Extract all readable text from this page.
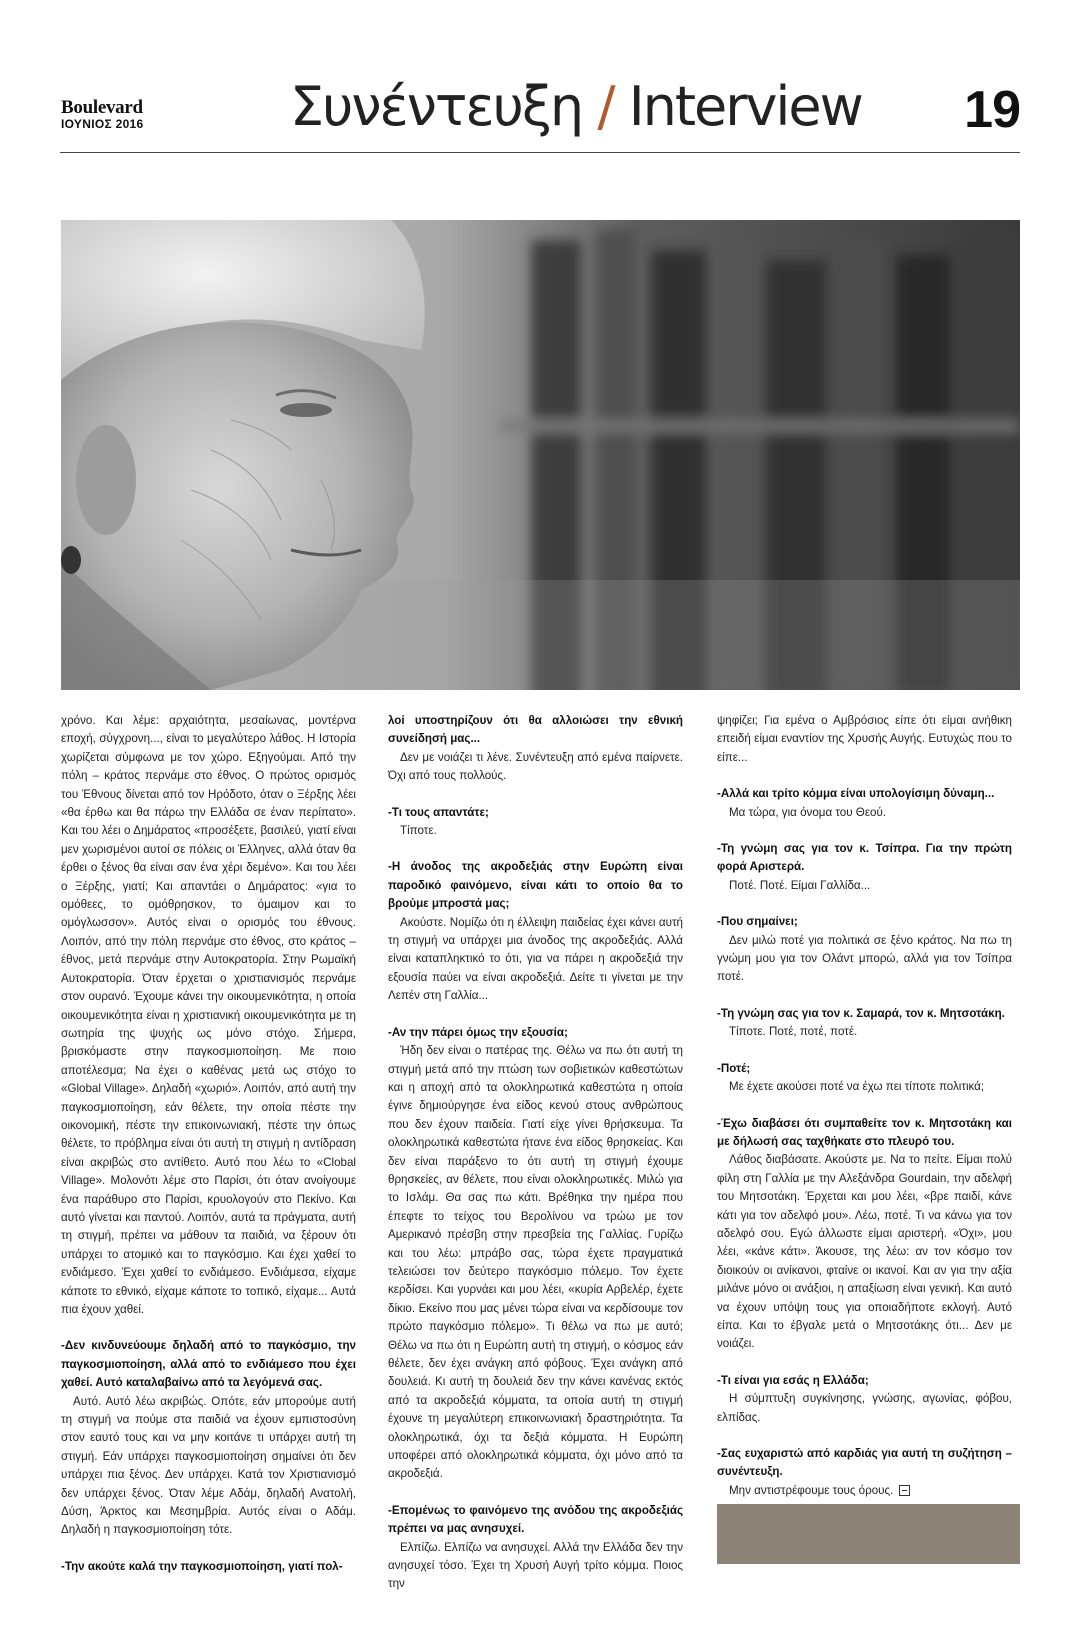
Boulevard
ΙΟΥΝΙΟΣ 2016	Συνέντευξη / Interview 19

χρόνο. Και λέμε: αρχαιότητα, μεσαίωνας, μοντέρνα εποχή, σύγχρονη..., είναι το μεγαλύτερο λάθος. Η Ιστορία χωρίζεται σύμφωνα με τον χώρο. Εξηγούμαι. Από την πόλη – κράτος περνάμε στο έθνος. Ο πρώτος ορισμός του Έθνους δίνεται από τον Ηρόδοτο, όταν ο Ξέρξης λέει «θα έρθω και θα πάρω την Ελλάδα σε έναν περίπατο». Και του λέει ο Δημάρατος «προσέξετε, βασιλεύ, γιατί είναι μεν χωρισμένοι αυτοί σε πόλεις οι Έλληνες, αλλά όταν θα έρθει ο ξένος θα είναι σαν ένα χέρι δεμένο». Και του λέει ο Ξέρξης, γιατί; Και απαντάει ο Δημάρατος: «για το ομόθεες, το ομόθρησκον, το όμαιμον και το ομόγλωσσον». Αυτός είναι ο ορισμός του έθνους. Λοιπόν, από την πόλη περνάμε στο έθνος, στο κράτος – έθνος, μετά περνάμε στην Αυτοκρατορία. Στην Ρωμαϊκή Αυτοκρατορία. Όταν έρχεται ο χριστιανισμός περνάμε στον ουρανό. Έχουμε κάνει την οικουμενικότητα, η οποία οικουμενικότητα είναι η χριστιανική οικουμενικότητα με τη σωτηρία της ψυχής ως μόνο στόχο. Σήμερα, βρισκόμαστε στην παγκοσμιοποίηση. Με ποιο αποτέλεσμα; Να έχει ο καθένας μετά ως στόχο το «Global Village». Δηλαδή «χωριό». Λοιπόν, από αυτή την παγκοσμιοποίηση, εάν θέλετε, την οποία πέστε την οικονομική, πέστε την επικοινωνιακή, πέστε την όπως θέλετε, το πρόβλημα είναι ότι αυτή τη στιγμή η αντίδραση είναι ακριβώς στο αντίθετο. Αυτό που λέω το «Clobal Village». Μολονότι λέμε στο Παρίσι, ότι όταν ανοίγουμε ένα παράθυρο στο Παρίσι, κρυολογούν στο Πεκίνο. Και αυτό γίνεται και παντού. Λοιπόν, αυτά τα πράγματα, αυτή τη στιγμή, πρέπει να μάθουν τα παιδιά, να ξέρουν ότι υπάρχει το ατομικό και το παγκόσμιο. Και έχει χαθεί το ενδιάμεσο. Έχει χαθεί το ενδιάμεσο. Ενδιάμεσα, είχαμε κάποτε το εθνικό, είχαμε κάποτε το τοπικό, είχαμε... Αυτά πια έχουν χαθεί.

-Δεν κινδυνεύουμε δηλαδή από το παγκόσμιο, την παγκοσμιοποίηση, αλλά από το ενδιάμεσο που έχει χαθεί. Αυτό καταλαβαίνω από τα λεγόμενά σας.

Αυτό. Αυτό λέω ακριβώς. Οπότε, εάν μπορούμε αυτή τη στιγμή να πούμε στα παιδιά να έχουν εμπιστοσύνη στον εαυτό τους και να μην κοιτάνε τι υπάρχει αυτή τη στιγμή. Εάν υπάρχει παγκοσμιοποίηση σημαίνει ότι δεν υπάρχει πια ξένος. Δεν υπάρχει. Κατά τον Χριστιανισμό δεν υπάρχει ξένος. Όταν λέμε Αδάμ, δηλαδή Ανατολή, Δύση, Άρκτος και Μεσημβρία. Αυτός είναι ο Αδάμ. Δηλαδή η παγκοσμιοποίηση τότε.

-Την ακούτε καλά την παγκοσμιοποίηση, γιατί πολ-

λοί υποστηρίζουν ότι θα αλλοιώσει την εθνική συνείδησή μας...

Δεν με νοιάζει τι λένε. Συνέντευξη από εμένα παίρνετε. Όχι από τους πολλούς.

-Τι τους απαντάτε;

Τίποτε.

-Η άνοδος της ακροδεξιάς στην Ευρώπη είναι παροδικό φαινόμενο, είναι κάτι το οποίο θα το βρούμε μπροστά μας;

Ακούστε. Νομίζω ότι η έλλειψη παιδείας έχει κάνει αυτή τη στιγμή να υπάρχει μια άνοδος της ακροδεξιάς. Αλλά είναι καταπληκτικό το ότι, για να πάρει η ακροδεξιά την εξουσία παύει να είναι ακροδεξιά. Δείτε τι γίνεται με την Λεπέν στη Γαλλία...

-Αν την πάρει όμως την εξουσία;

Ήδη δεν είναι ο πατέρας της. Θέλω να πω ότι αυτή τη στιγμή μετά από την πτώση των σοβιετικών καθεστώτων και η αποχή από τα ολοκληρωτικά καθεστώτα η οποία έγινε δημιούργησε ένα είδος κενού στους ανθρώπους που δεν έχουν παιδεία. Γιατί είχε γίνει θρήσκευμα. Τα ολοκληρωτικά καθεστώτα ήτανε ένα είδος θρησκείας. Και δεν είναι παράξενο το ότι αυτή τη στιγμή έχουμε θρησκείες, αν θέλετε, που είναι ολοκληρωτικές. Μιλώ για το Ισλάμ. Θα σας πω κάτι. Βρέθηκα την ημέρα που έπεφτε το τείχος του Βερολίνου να τρώω με τον Αμερικανό πρέσβη στην πρεσβεία της Γαλλίας. Γυρίζω και του λέω: μπράβο σας, τώρα έχετε πραγματικά τελειώσει τον δεύτερο παγκόσμιο πόλεμο. Τον έχετε κερδίσει. Και γυρνάει και μου λέει, «κυρία Αρβελέρ, έχετε δίκιο. Εκείνο που μας μένει τώρα είναι να κερδίσουμε τον πρώτο παγκόσμιο πόλεμο». Τι θέλω να πω με αυτό; Θέλω να πω ότι η Ευρώπη αυτή τη στιγμή, ο κόσμος εάν θέλετε, δεν έχει ανάγκη από φόβους. Έχει ανάγκη από δουλειά. Κι αυτή τη δουλειά δεν την κάνει κανένας εκτός από τα ακροδεξιά κόμματα, τα οποία αυτή τη στιγμή έχουνε τη μεγαλύτερη επικοινωνιακή δραστηριότητα. Τα ολοκληρωτικά, όχι τα δεξιά κόμματα. Η Ευρώπη υποφέρει από ολοκληρωτικά κόμματα, όχι μόνο από τα ακροδεξιά.

-Επομένως το φαινόμενο της ανόδου της ακροδεξιάς πρέπει να μας ανησυχεί.

Ελπίζω. Ελπίζω να ανησυχεί. Αλλά την Ελλάδα δεν την ανησυχεί τόσο. Έχει τη Χρυσή Αυγή τρίτο κόμμα. Ποιος την

ψηφίζει; Για εμένα ο Αμβρόσιος είπε ότι είμαι ανήθικη επειδή είμαι εναντίον της Χρυσής Αυγής. Ευτυχώς που το είπε...

-Αλλά και τρίτο κόμμα είναι υπολογίσιμη δύναμη...

Μα τώρα, για όνομα του Θεού.

-Τη γνώμη σας για τον κ. Τσίπρα. Για την πρώτη φορά Αριστερά.

Ποτέ. Ποτέ. Είμαι Γαλλίδα...

-Που σημαίνει;

Δεν μιλώ ποτέ για πολιτικά σε ξένο κράτος. Να πω τη γνώμη μου για τον Ολάντ μπορώ, αλλά για τον Τσίπρα ποτέ.

-Τη γνώμη σας για τον κ. Σαμαρά, τον κ. Μητσοτάκη.

Τίποτε. Ποτέ, ποτέ, ποτέ.

-Ποτέ;

Με έχετε ακούσει ποτέ να έχω πει τίποτε πολιτικά;

-Έχω διαβάσει ότι συμπαθείτε τον κ. Μητσοτάκη και με δήλωσή σας ταχθήκατε στο πλευρό του.

Λάθος διαβάσατε. Ακούστε με. Να το πείτε. Είμαι πολύ φίλη στη Γαλλία με την Αλεξάνδρα Gourdain, την αδελφή του Μητσοτάκη. Έρχεται και μου λέει, «βρε παιδί, κάνε κάτι για τον αδελφό μου». Λέω, ποτέ. Τι να κάνω για τον αδελφό σου. Εγώ άλλωστε είμαι αριστερή. «Όχι», μου λέει, «κάνε κάτι». Άκουσε, της λέω: αν τον κόσμο τον διοικούν οι ανίκανοι, φταίνε οι ικανοί. Και αν για την αξία μιλάνε μόνο οι ανάξιοι, η απαξίωση είναι γενική. Και αυτό να έχουν υπόψη τους για οποιαδήποτε εκλογή. Αυτό είπα. Και το έβγαλε μετά ο Μητσοτάκης ότι... Δεν με νοιάζει.

-Τι είναι για εσάς η Ελλάδα;

Η σύμπτυξη συγκίνησης, γνώσης, αγωνίας, φόβου, ελπίδας.

-Σας ευχαριστώ από καρδιάς για αυτή τη συζήτηση – συνέντευξη.

Μην αντιστρέφουμε τους όρους.
